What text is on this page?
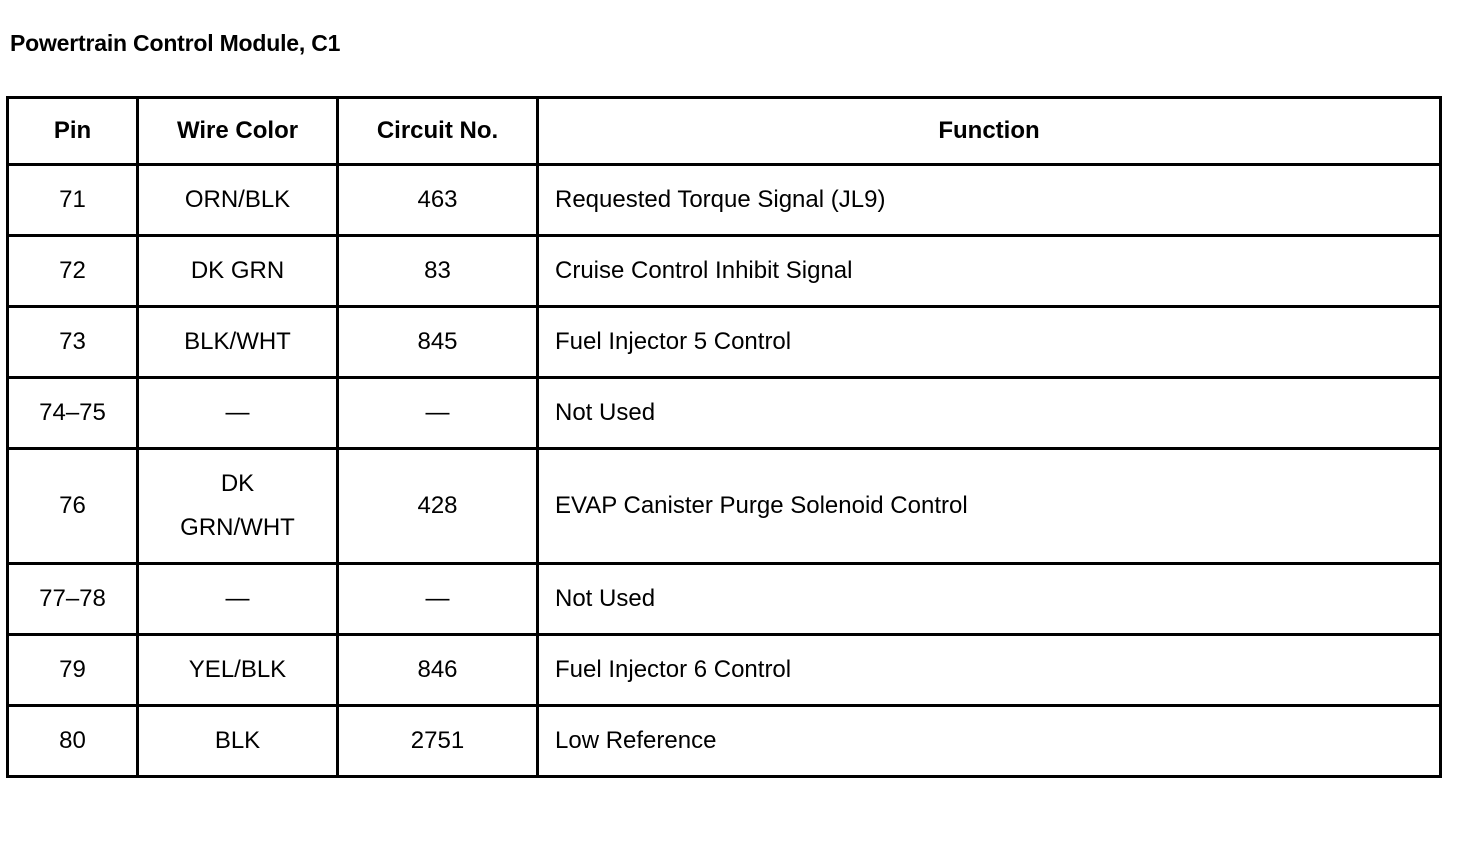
Powertrain Control Module, C1
Pin	Wire Color	Circuit No.	Function
71	ORN/BLK	463	Requested Torque Signal (JL9)
72	DK GRN	83	Cruise Control Inhibit Signal
73	BLK/WHT	845	Fuel Injector 5 Control
74–75	—	—	Not Used
76	DK GRN/WHT	428	EVAP Canister Purge Solenoid Control
77–78	—	—	Not Used
79	YEL/BLK	846	Fuel Injector 6 Control
80	BLK	2751	Low Reference
